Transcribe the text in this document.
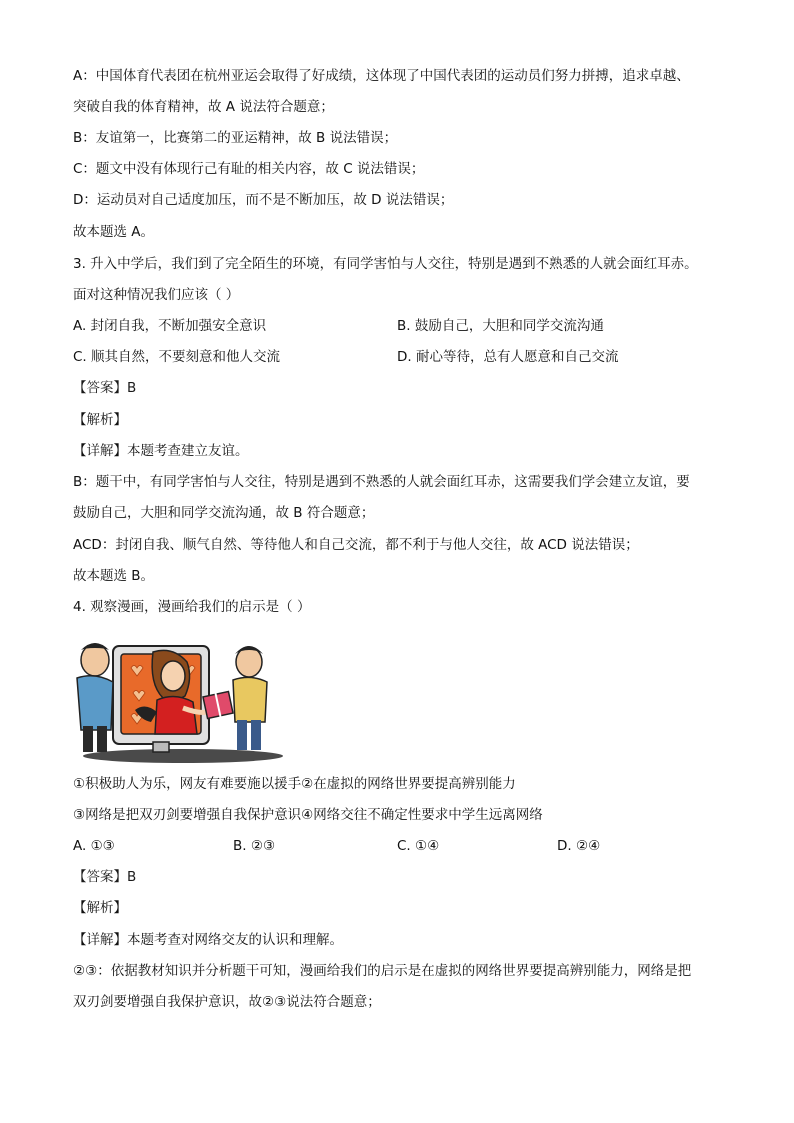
A：中国体育代表团在杭州亚运会取得了好成绩，这体现了中国代表团的运动员们努力拼搏，追求卓越、
突破自我的体育精神，故 A 说法符合题意；
B：友谊第一，比赛第二的亚运精神，故 B 说法错误；
C：题文中没有体现行己有耻的相关内容，故 C 说法错误；
D：运动员对自己适度加压，而不是不断加压，故 D 说法错误；
故本题选 A。
3. 升入中学后，我们到了完全陌生的环境，有同学害怕与人交往，特别是遇到不熟悉的人就会面红耳赤。
面对这种情况我们应该（ ）
A. 封闭自我，不断加强安全意识	B. 鼓励自己，大胆和同学交流沟通
C. 顺其自然，不要刻意和他人交流	D. 耐心等待，总有人愿意和自己交流
【答案】B
【解析】
【详解】本题考查建立友谊。
B：题干中，有同学害怕与人交往，特别是遇到不熟悉的人就会面红耳赤，这需要我们学会建立友谊，要
鼓励自己，大胆和同学交流沟通，故 B 符合题意；
ACD：封闭自我、顺气自然、等待他人和自己交流，都不利于与他人交往，故 ACD 说法错误；
故本题选 B。
4. 观察漫画，漫画给我们的启示是（ ）
①积极助人为乐，网友有难要施以援手②在虚拟的网络世界要提高辨别能力
③网络是把双刃剑要增强自我保护意识④网络交往不确定性要求中学生远离网络
A. ①③	B. ②③	C. ①④	D. ②④
【答案】B
【解析】
【详解】本题考查对网络交友的认识和理解。
②③：依据教材知识并分析题干可知，漫画给我们的启示是在虚拟的网络世界要提高辨别能力，网络是把
双刃剑要增强自我保护意识，故②③说法符合题意；
